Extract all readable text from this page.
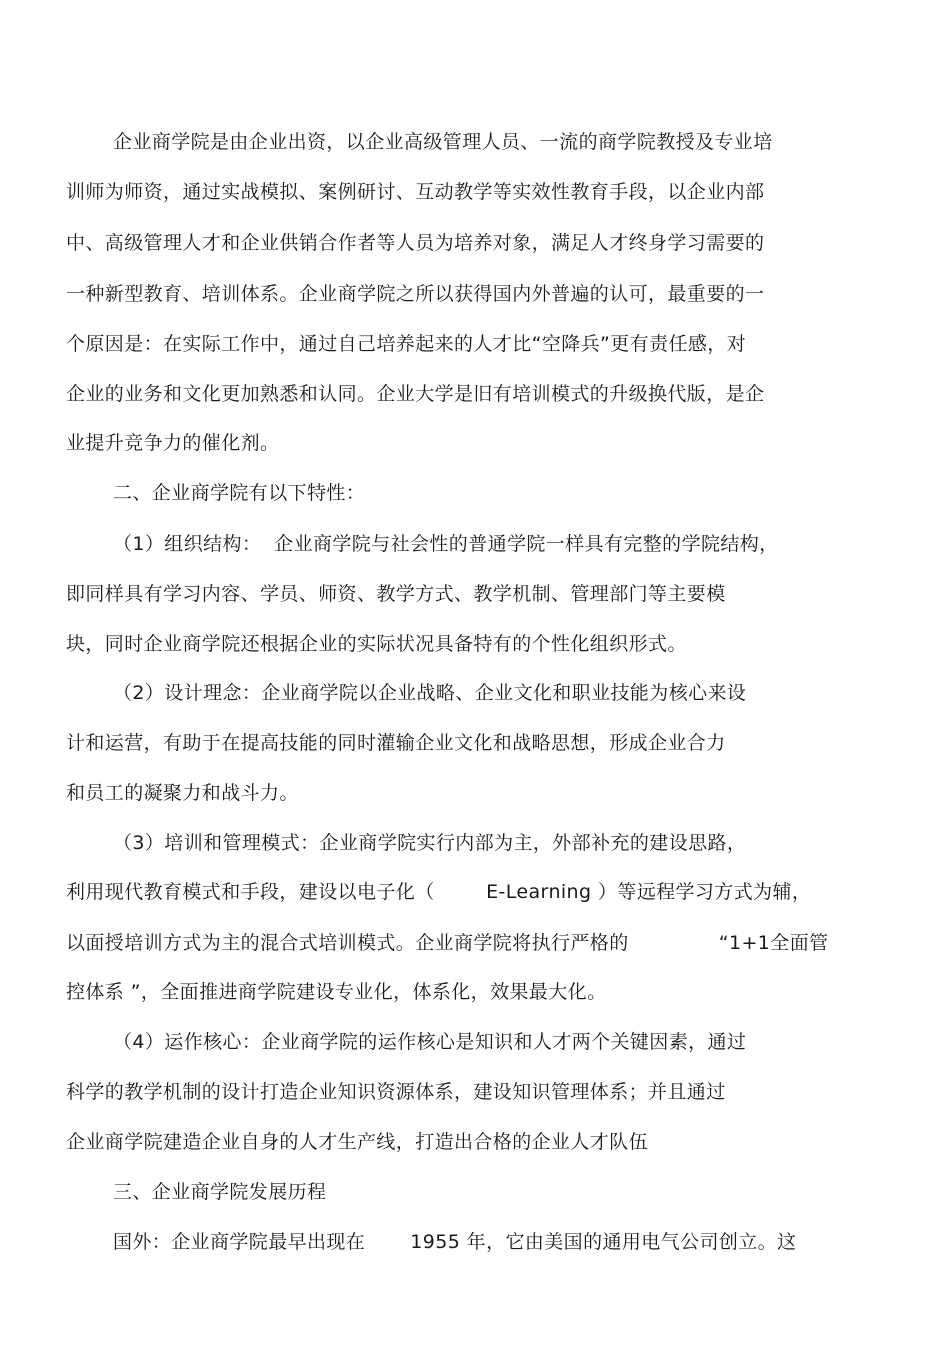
企业商学院是由企业出资，以企业高级管理人员、一流的商学院教授及专业培
训师为师资，通过实战模拟、案例研讨、互动教学等实效性教育手段，以企业内部
中、高级管理人才和企业供销合作者等人员为培养对象，满足人才终身学习需要的
一种新型教育、培训体系。企业商学院之所以获得国内外普遍的认可，最重要的一
个原因是：在实际工作中，通过自己培养起来的人才比“空降兵”更有责任感，对
企业的业务和文化更加熟悉和认同。企业大学是旧有培训模式的升级换代版，是企
业提升竞争力的催化剂。
二、企业商学院有以下特性：
（1）组织结构：  企业商学院与社会性的普通学院一样具有完整的学院结构，
即同样具有学习内容、学员、师资、教学方式、教学机制、管理部门等主要模
块，同时企业商学院还根据企业的实际状况具备特有的个性化组织形式。
（2）设计理念：企业商学院以企业战略、企业文化和职业技能为核心来设
计和运营，有助于在提高技能的同时灌输企业文化和战略思想，形成企业合力
和员工的凝聚力和战斗力。
（3）培训和管理模式：企业商学院实行内部为主，外部补充的建设思路，
利用现代教育模式和手段，建设以电子化（        E-Learning ）等远程学习方式为辅，
以面授培训方式为主的混合式培训模式。企业商学院将执行严格的              “1+1全面管
控体系 ”，全面推进商学院建设专业化，体系化，效果最大化。
（4）运作核心：企业商学院的运作核心是知识和人才两个关键因素，通过
科学的教学机制的设计打造企业知识资源体系，建设知识管理体系；并且通过
企业商学院建造企业自身的人才生产线，打造出合格的企业人才队伍
三、企业商学院发展历程
国外：企业商学院最早出现在       1955 年，它由美国的通用电气公司创立。这
